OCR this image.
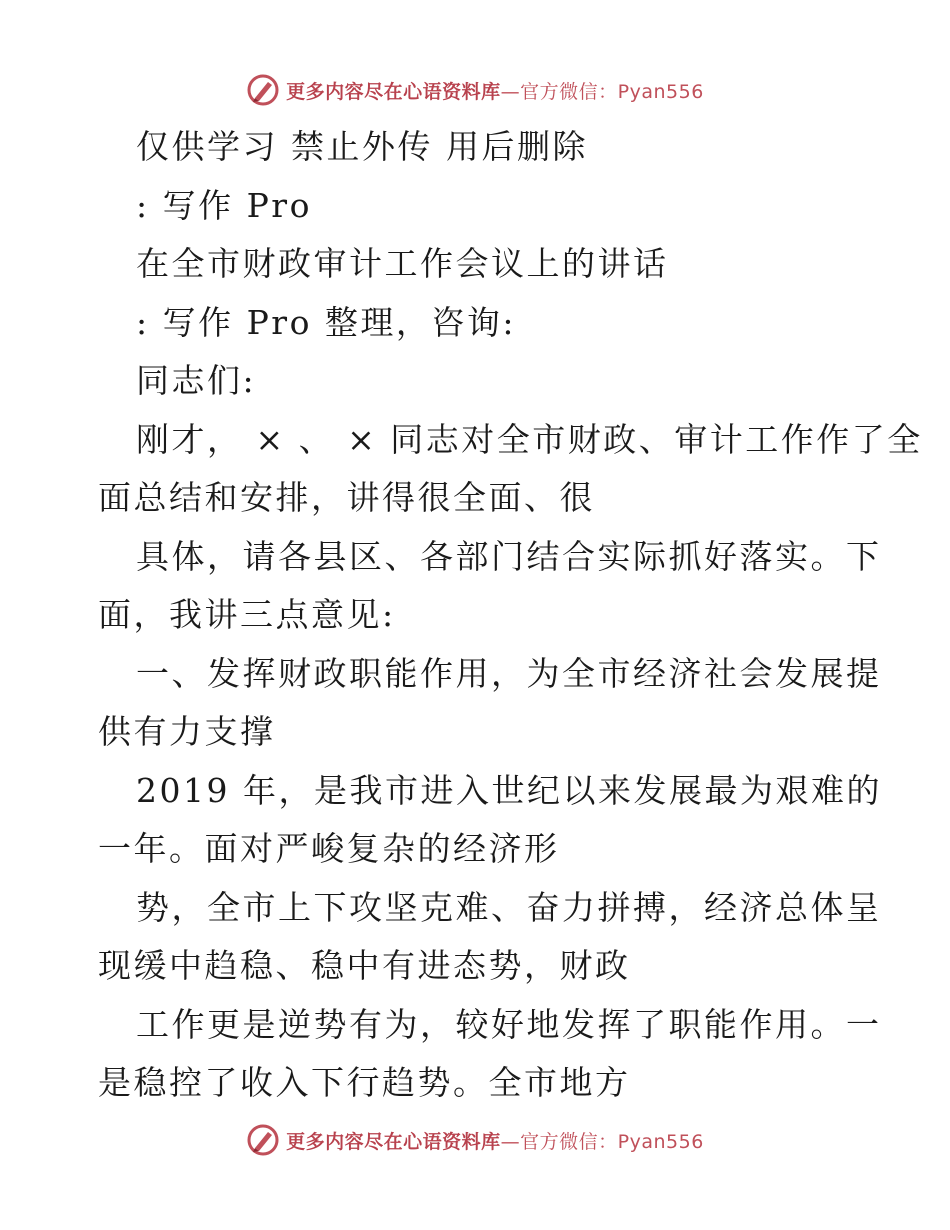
更多内容尽在心语资料库—官方微信：Pyan556
仅供学习 禁止外传 用后删除
: 写作 Pro
在全市财政审计工作会议上的讲话
: 写作 Pro 整理，咨询:
同志们:
刚才， × 、 × 同志对全市财政、审计工作作了全
面总结和安排，讲得很全面、很
具体，请各县区、各部门结合实际抓好落实。下
面，我讲三点意见:
一、发挥财政职能作用，为全市经济社会发展提
供有力支撑
2019 年，是我市进入世纪以来发展最为艰难的
一年。面对严峻复杂的经济形
势，全市上下攻坚克难、奋力拼搏，经济总体呈
现缓中趋稳、稳中有进态势，财政
工作更是逆势有为，较好地发挥了职能作用。一
是稳控了收入下行趋势。全市地方
更多内容尽在心语资料库—官方微信：Pyan556
